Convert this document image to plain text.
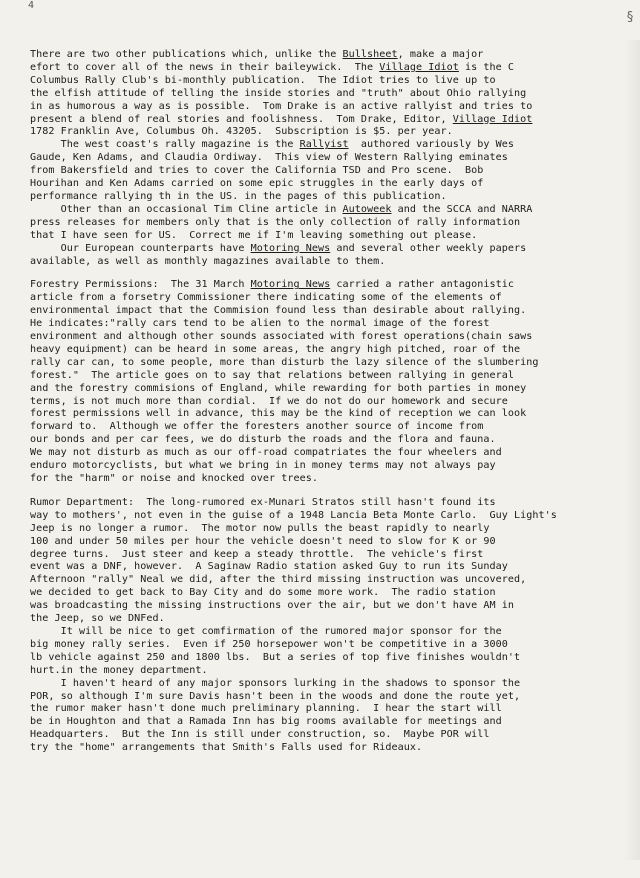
4
§
There are two other publications which, unlike the Bullsheet, make a major
efort to cover all of the news in their baileywick.  The Village Idiot is the C
Columbus Rally Club's bi-monthly publication.  The Idiot tries to live up to
the elfish attitude of telling the inside stories and "truth" about Ohio rallying
in as humorous a way as is possible.  Tom Drake is an active rallyist and tries to
present a blend of real stories and foolishness.  Tom Drake, Editor, Village Idiot
1782 Franklin Ave, Columbus Oh. 43205.  Subscription is $5. per year.
The west coast's rally magazine is the Rallyist  authored variously by Wes
Gaude, Ken Adams, and Claudia Ordiway.  This view of Western Rallying eminates
from Bakersfield and tries to cover the California TSD and Pro scene.  Bob
Hourihan and Ken Adams carried on some epic struggles in the early days of
performance rallying th in the US. in the pages of this publication.
Other than an occasional Tim Cline article in Autoweek and the SCCA and NARRA
press releases for members only that is the only collection of rally information
that I have seen for US.  Correct me if I'm leaving something out please.
Our European counterparts have Motoring News and several other weekly papers
available, as well as monthly magazines available to them.

Forestry Permissions:  The 31 March Motoring News carried a rather antagonistic
article from a forsetry Commissioner there indicating some of the elements of
environmental impact that the Commision found less than desirable about rallying.
He indicates:"rally cars tend to be alien to the normal image of the forest
environment and although other sounds associated with forest operations(chain saws
heavy equipment) can be heard in some areas, the angry high pitched, roar of the
rally car can, to some people, more than disturb the lazy silence of the slumbering
forest."  The article goes on to say that relations between rallying in general
and the forestry commisions of England, while rewarding for both parties in money
terms, is not much more than cordial.  If we do not do our homework and secure
forest permissions well in advance, this may be the kind of reception we can look
forward to.  Although we offer the foresters another source of income from
our bonds and per car fees, we do disturb the roads and the flora and fauna.
We may not disturb as much as our off-road compatriates the four wheelers and
enduro motorcyclists, but what we bring in in money terms may not always pay
for the "harm" or noise and knocked over trees.

Rumor Department:  The long-rumored ex-Munari Stratos still hasn't found its
way to mothers', not even in the guise of a 1948 Lancia Beta Monte Carlo.  Guy Light's
Jeep is no longer a rumor.  The motor now pulls the beast rapidly to nearly
100 and under 50 miles per hour the vehicle doesn't need to slow for K or 90
degree turns.  Just steer and keep a steady throttle.  The vehicle's first
event was a DNF, however.  A Saginaw Radio station asked Guy to run its Sunday
Afternoon "rally" Neal we did, after the third missing instruction was uncovered,
we decided to get back to Bay City and do some more work.  The radio station
was broadcasting the missing instructions over the air, but we don't have AM in
the Jeep, so we DNFed.
It will be nice to get comfirmation of the rumored major sponsor for the
big money rally series.  Even if 250 horsepower won't be competitive in a 3000
lb vehicle against 250 and 1800 lbs.  But a series of top five finishes wouldn't
hurt.in the money department.
I haven't heard of any major sponsors lurking in the shadows to sponsor the
POR, so although I'm sure Davis hasn't been in the woods and done the route yet,
the rumor maker hasn't done much preliminary planning.  I hear the start will
be in Houghton and that a Ramada Inn has big rooms available for meetings and
Headquarters.  But the Inn is still under construction, so.  Maybe POR will
try the "home" arrangements that Smith's Falls used for Rideaux.
